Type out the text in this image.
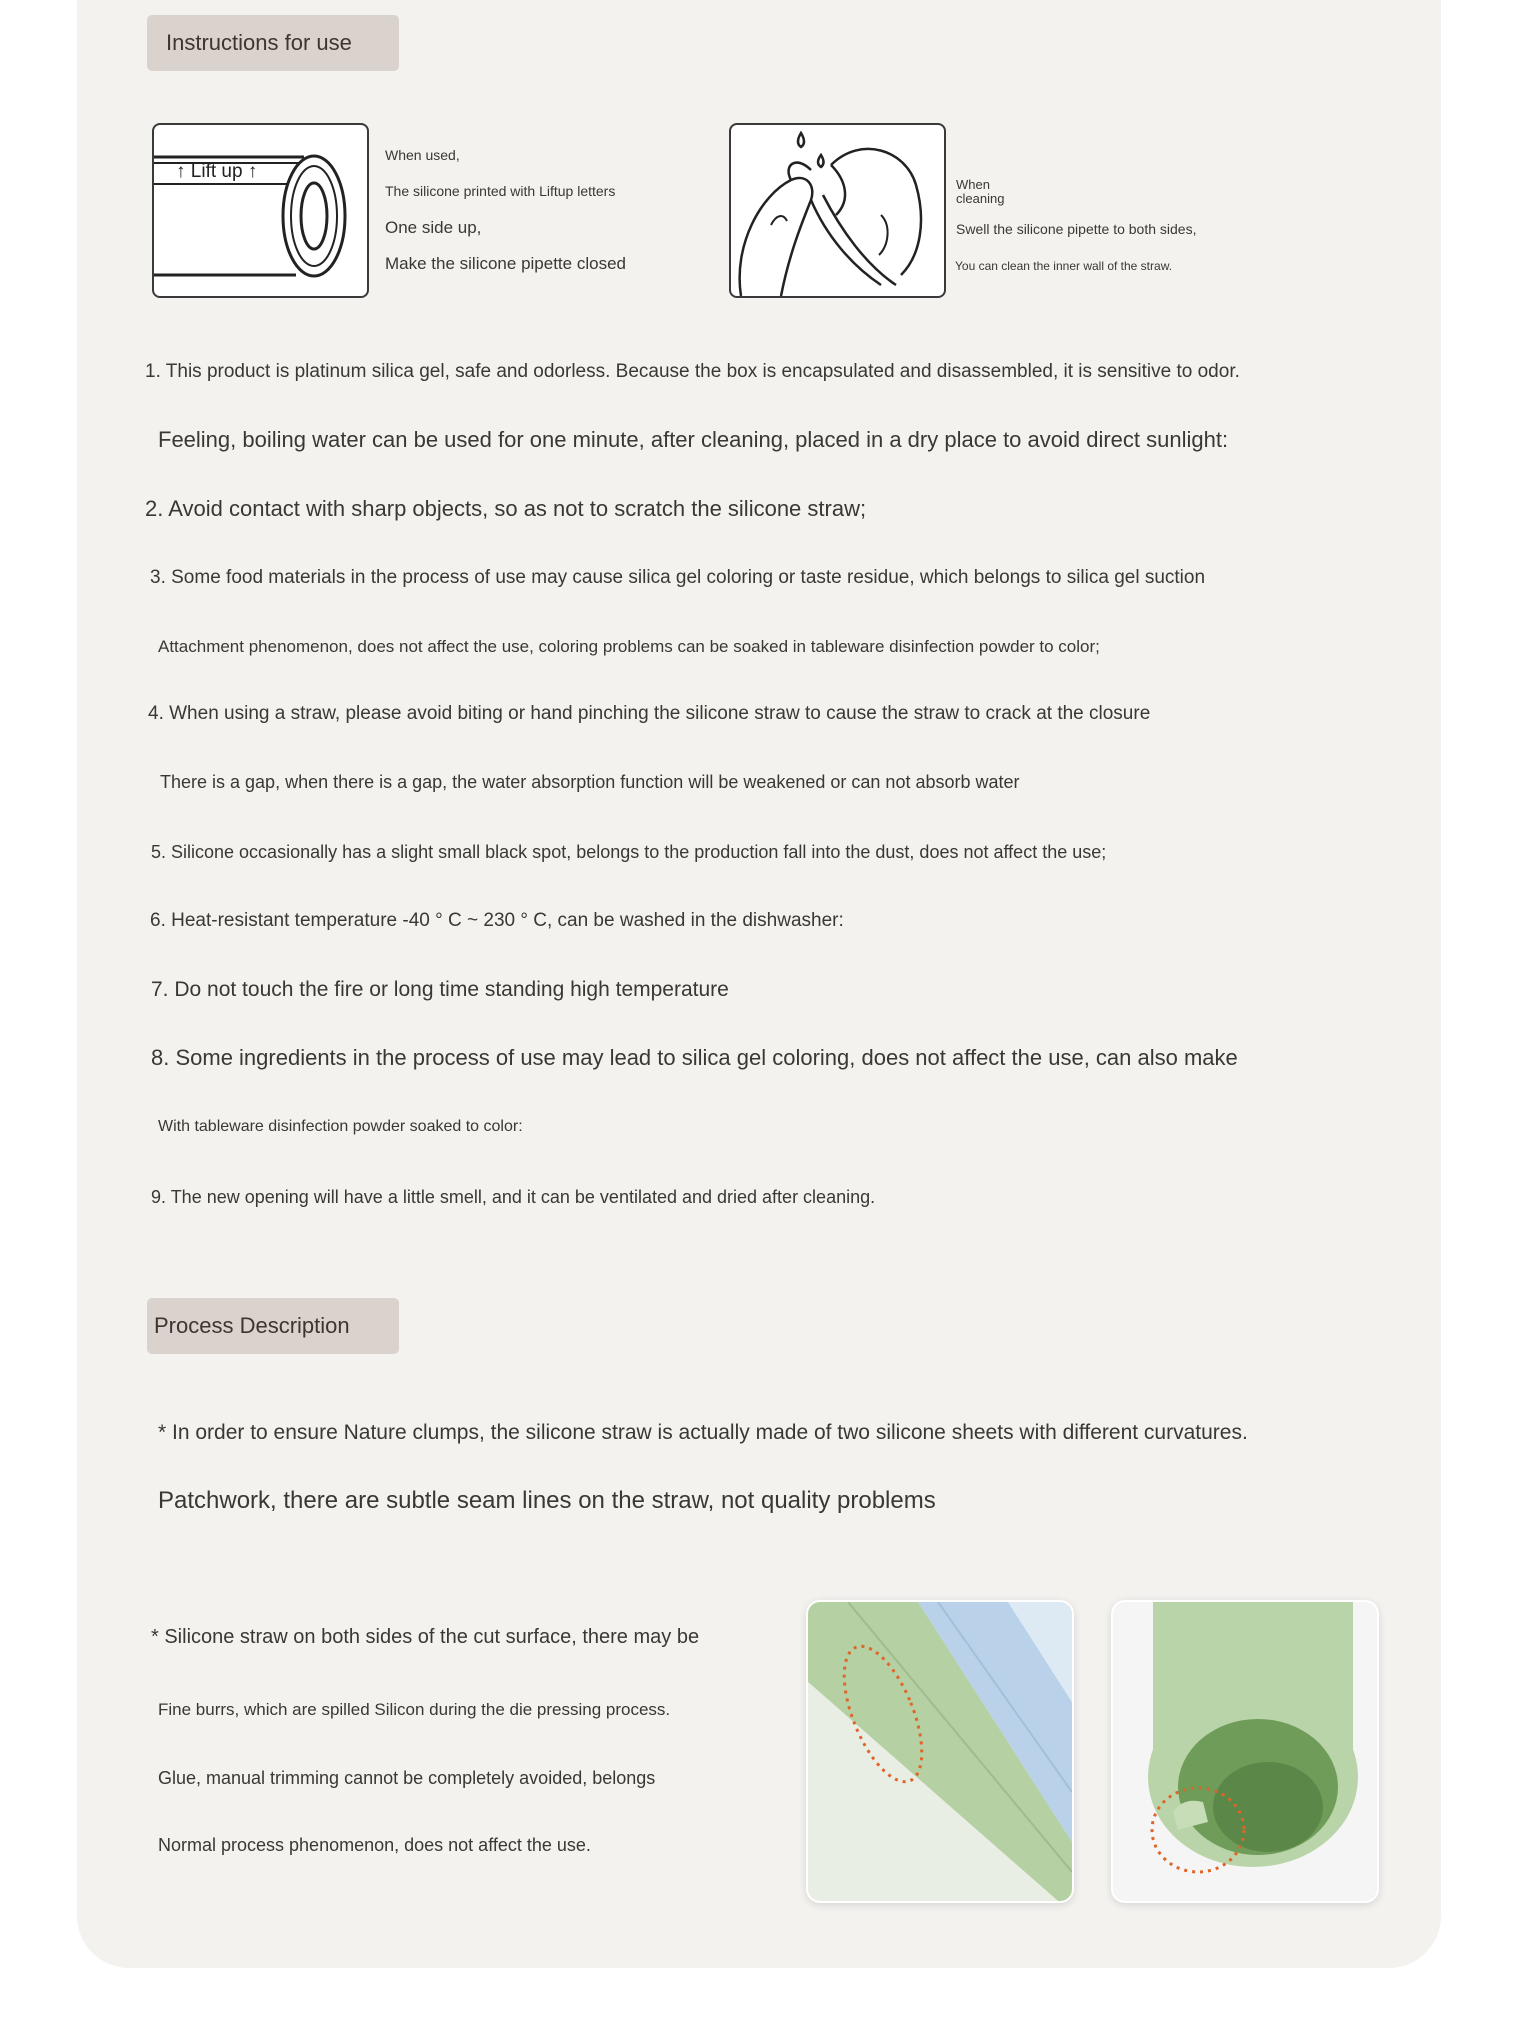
Instructions for use
↑ Lift up ↑
When used,
The silicone printed with Liftup letters
One side up,
Make the silicone pipette closed
When
cleaning
Swell the silicone pipette to both sides,
You can clean the inner wall of the straw.
1. This product is platinum silica gel, safe and odorless. Because the box is encapsulated and disassembled, it is sensitive to odor.
Feeling, boiling water can be used for one minute, after cleaning, placed in a dry place to avoid direct sunlight:
2. Avoid contact with sharp objects, so as not to scratch the silicone straw;
3. Some food materials in the process of use may cause silica gel coloring or taste residue, which belongs to silica gel suction
Attachment phenomenon, does not affect the use, coloring problems can be soaked in tableware disinfection powder to color;
4. When using a straw, please avoid biting or hand pinching the silicone straw to cause the straw to crack at the closure
There is a gap, when there is a gap, the water absorption function will be weakened or can not absorb water
5. Silicone occasionally has a slight small black spot, belongs to the production fall into the dust, does not affect the use;
6. Heat-resistant temperature -40 ° C ~ 230 ° C, can be washed in the dishwasher:
7. Do not touch the fire or long time standing high temperature
8. Some ingredients in the process of use may lead to silica gel coloring, does not affect the use, can also make
With tableware disinfection powder soaked to color:
9. The new opening will have a little smell, and it can be ventilated and dried after cleaning.
Process Description
* In order to ensure Nature clumps, the silicone straw is actually made of two silicone sheets with different curvatures.
Patchwork, there are subtle seam lines on the straw, not quality problems
* Silicone straw on both sides of the cut surface, there may be
Fine burrs, which are spilled Silicon during the die pressing process.
Glue, manual trimming cannot be completely avoided, belongs
Normal process phenomenon, does not affect the use.
